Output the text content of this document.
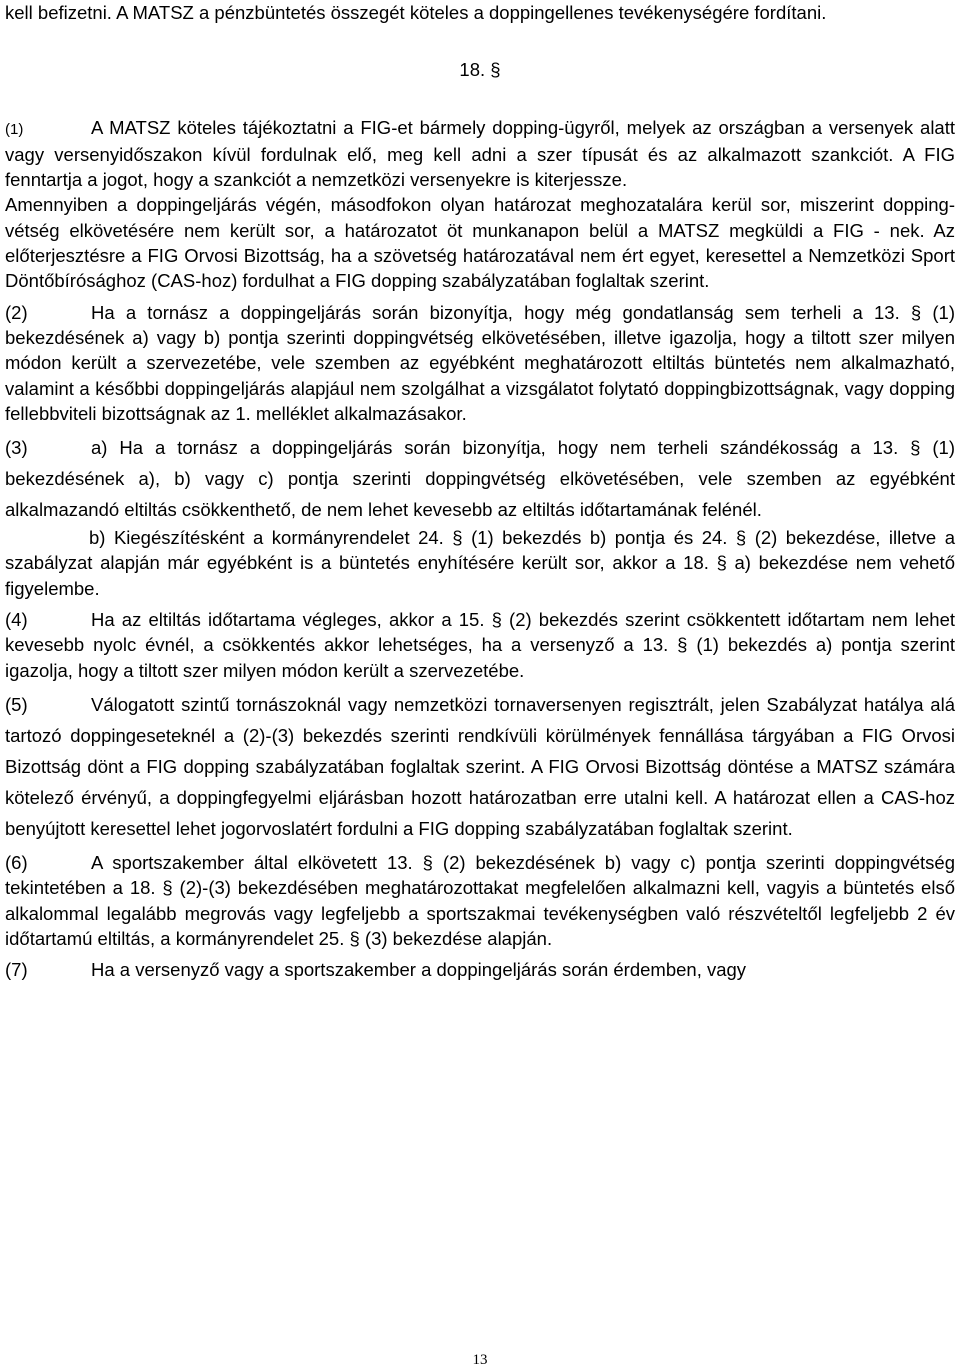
kell befizetni. A MATSZ a pénzbüntetés összegét köteles a doppingellenes tevékenységére fordítani.

18. §

(1)	A MATSZ köteles tájékoztatni a FIG-et bármely dopping-ügyről, melyek az országban a versenyek alatt vagy versenyidőszakon kívül fordulnak elő, meg kell adni a szer típusát és az alkalmazott szankciót. A FIG fenntartja a jogot, hogy a szankciót a nemzetközi versenyekre is kiterjessze.

Amennyiben a doppingeljárás végén, másodfokon olyan határozat meghozatalára kerül sor, miszerint dopping-vétség elkövetésére nem került sor, a határozatot öt munkanapon belül a MATSZ megküldi a FIG - nek. Az előterjesztésre a FIG Orvosi Bizottság, ha a szövetség határozatával nem ért egyet, keresettel a Nemzetközi Sport Döntőbírósághoz (CAS-hoz) fordulhat a FIG dopping szabályzatában foglaltak szerint.

(2)	Ha a tornász a doppingeljárás során bizonyítja, hogy még gondatlanság sem terheli a 13. § (1) bekezdésének a) vagy b) pontja szerinti doppingvétség elkövetésében, illetve igazolja, hogy a tiltott szer milyen módon került a szervezetébe, vele szemben az egyébként meghatározott eltiltás büntetés nem alkalmazható, valamint a későbbi doppingeljárás alapjául nem szolgálhat a vizsgálatot folytató doppingbizottságnak, vagy dopping fellebbviteli bizottságnak az 1. melléklet alkalmazásakor.

(3)	a) Ha a tornász a doppingeljárás során bizonyítja, hogy nem terheli szándékosság a 13. § (1) bekezdésének a), b) vagy c) pontja szerinti doppingvétség elkövetésében, vele szemben az egyébként alkalmazandó eltiltás csökkenthető, de nem lehet kevesebb az eltiltás időtartamának felénél.

b) Kiegészítésként a kormányrendelet 24. § (1) bekezdés b) pontja és 24. § (2) bekezdése, illetve a szabályzat alapján már egyébként is a büntetés enyhítésére került sor, akkor a 18. § a) bekezdése nem vehető figyelembe.

(4)	Ha az eltiltás időtartama végleges, akkor a 15. § (2) bekezdés szerint csökkentett időtartam nem lehet kevesebb nyolc évnél, a csökkentés akkor lehetséges, ha a versenyző a 13. § (1) bekezdés a) pontja szerint igazolja, hogy a tiltott szer milyen módon került a szervezetébe.

(5)	Válogatott szintű tornászoknál vagy nemzetközi tornaversenyen regisztrált, jelen Szabályzat hatálya alá tartozó doppingeseteknél a (2)-(3) bekezdés szerinti rendkívüli körülmények fennállása tárgyában a FIG Orvosi Bizottság dönt a FIG dopping szabályzatában foglaltak szerint. A FIG Orvosi Bizottság döntése a MATSZ számára kötelező érvényű, a doppingfegyelmi eljárásban hozott határozatban erre utalni kell. A határozat ellen a CAS-hoz benyújtott keresettel lehet jogorvoslatért fordulni a FIG dopping szabályzatában foglaltak szerint.

(6)	A sportszakember által elkövetett 13. § (2) bekezdésének b) vagy c) pontja szerinti doppingvétség tekintetében a 18. § (2)-(3) bekezdésében meghatározottakat megfelelően alkalmazni kell, vagyis a büntetés első alkalommal legalább megrovás vagy legfeljebb a sportszakmai tevékenységben való részvételtől legfeljebb 2 év időtartamú eltiltás, a kormányrendelet 25. § (3) bekezdése alapján.

(7)	Ha a versenyző vagy a sportszakember a doppingeljárás során érdemben, vagy

13
